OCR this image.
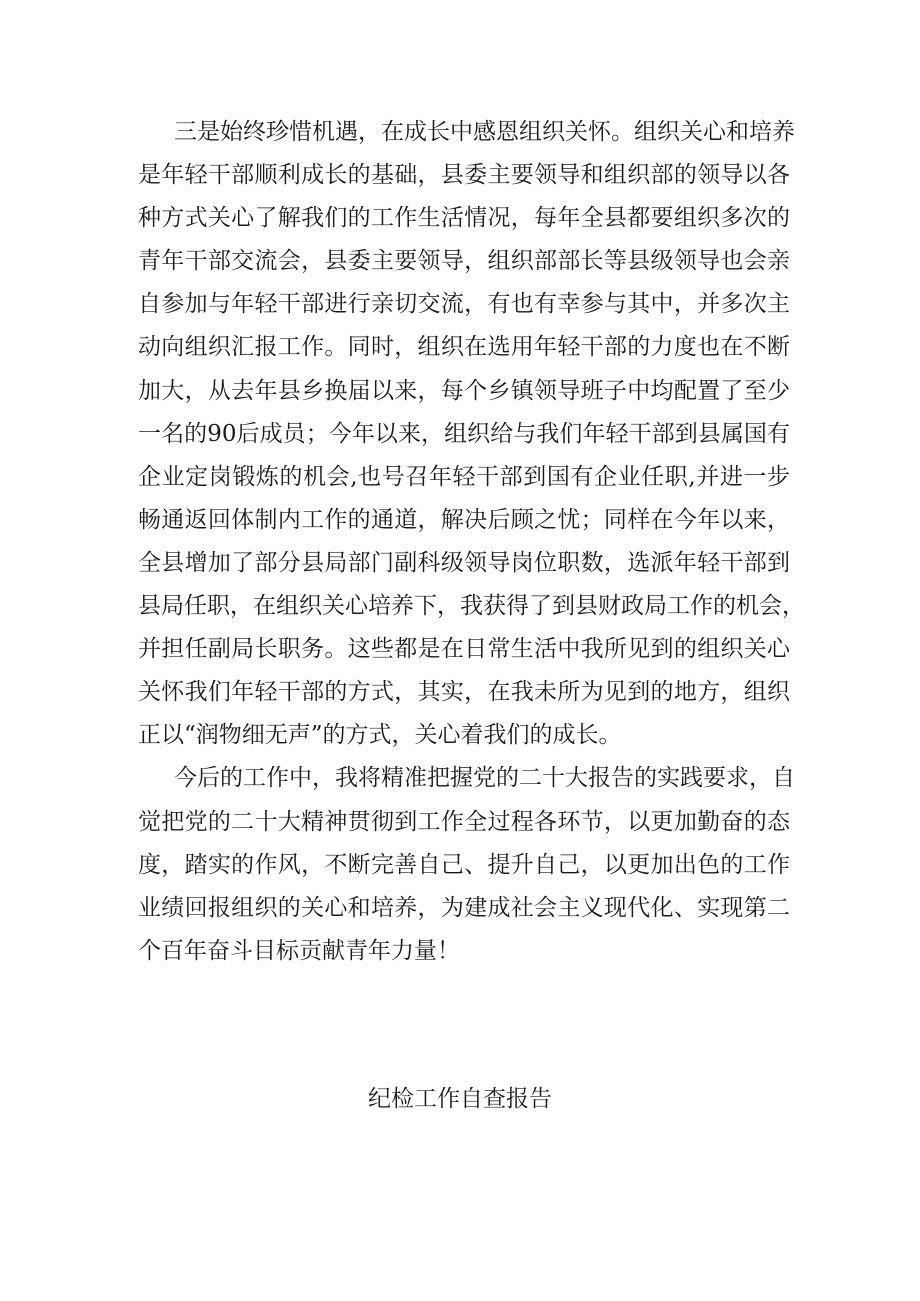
三是始终珍惜机遇，在成长中感恩组织关怀。组织关心和培养
是年轻干部顺利成长的基础，县委主要领导和组织部的领导以各
种方式关心了解我们的工作生活情况，每年全县都要组织多次的
青年干部交流会，县委主要领导，组织部部长等县级领导也会亲
自参加与年轻干部进行亲切交流，有也有幸参与其中，并多次主
动向组织汇报工作。同时，组织在选用年轻干部的力度也在不断
加大，从去年县乡换届以来，每个乡镇领导班子中均配置了至少
一名的90后成员；今年以来，组织给与我们年轻干部到县属国有
企业定岗锻炼的机会,也号召年轻干部到国有企业任职,并进一步
畅通返回体制内工作的通道，解决后顾之忧；同样在今年以来，
全县增加了部分县局部门副科级领导岗位职数，选派年轻干部到
县局任职，在组织关心培养下，我获得了到县财政局工作的机会，
并担任副局长职务。这些都是在日常生活中我所见到的组织关心
关怀我们年轻干部的方式，其实，在我未所为见到的地方，组织
正以“润物细无声”的方式，关心着我们的成长。
今后的工作中，我将精准把握党的二十大报告的实践要求，自
觉把党的二十大精神贯彻到工作全过程各环节，以更加勤奋的态
度，踏实的作风，不断完善自己、提升自己，以更加出色的工作
业绩回报组织的关心和培养，为建成社会主义现代化、实现第二
个百年奋斗目标贡献青年力量！
纪检工作自查报告
